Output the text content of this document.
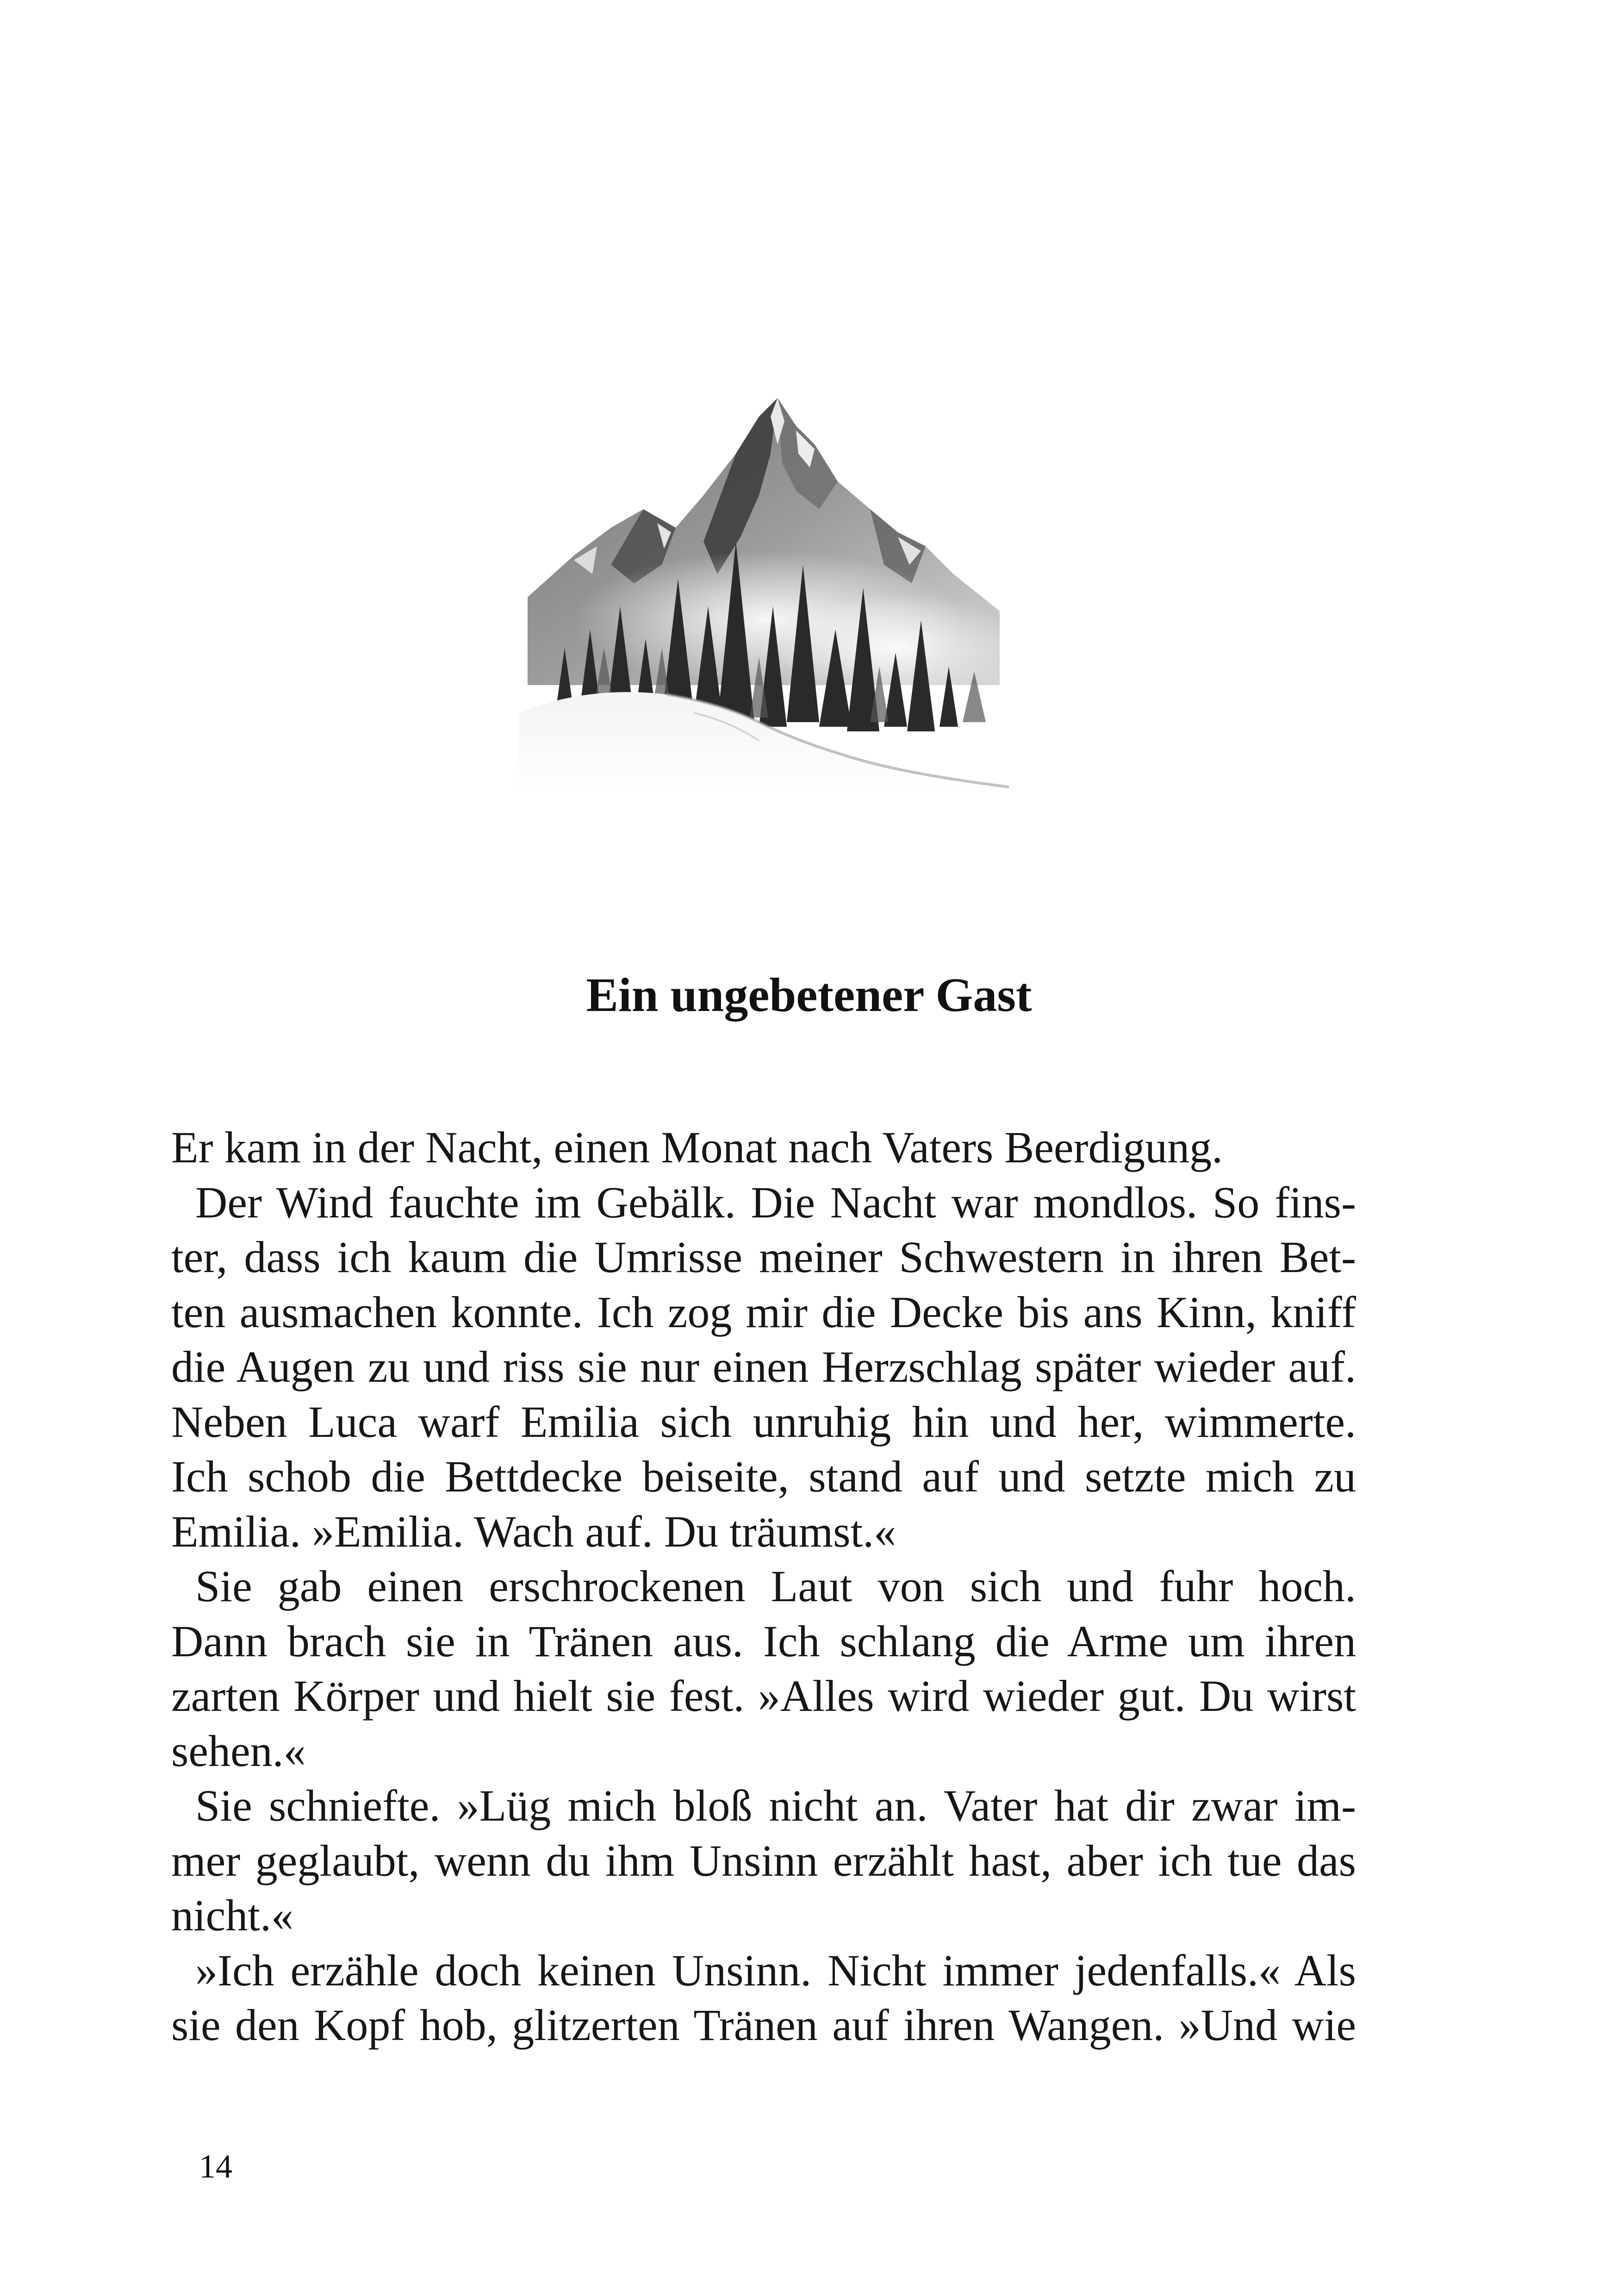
Ein ungebetener Gast
Er kam in der Nacht, einen Monat nach Vaters Beerdigung.
Der Wind fauchte im Gebälk. Die Nacht war mondlos. So fins-
ter, dass ich kaum die Umrisse meiner Schwestern in ihren Bet-
ten ausmachen konnte. Ich zog mir die Decke bis ans Kinn, kniff
die Augen zu und riss sie nur einen Herzschlag später wieder auf.
Neben Luca warf Emilia sich unruhig hin und her, wimmerte.
Ich schob die Bettdecke beiseite, stand auf und setzte mich zu
Emilia. »Emilia. Wach auf. Du träumst.«
Sie gab einen erschrockenen Laut von sich und fuhr hoch.
Dann brach sie in Tränen aus. Ich schlang die Arme um ihren
zarten Körper und hielt sie fest. »Alles wird wieder gut. Du wirst
sehen.«
Sie schniefte. »Lüg mich bloß nicht an. Vater hat dir zwar im-
mer geglaubt, wenn du ihm Unsinn erzählt hast, aber ich tue das
nicht.«
»Ich erzähle doch keinen Unsinn. Nicht immer jedenfalls.« Als
sie den Kopf hob, glitzerten Tränen auf ihren Wangen. »Und wie
14
